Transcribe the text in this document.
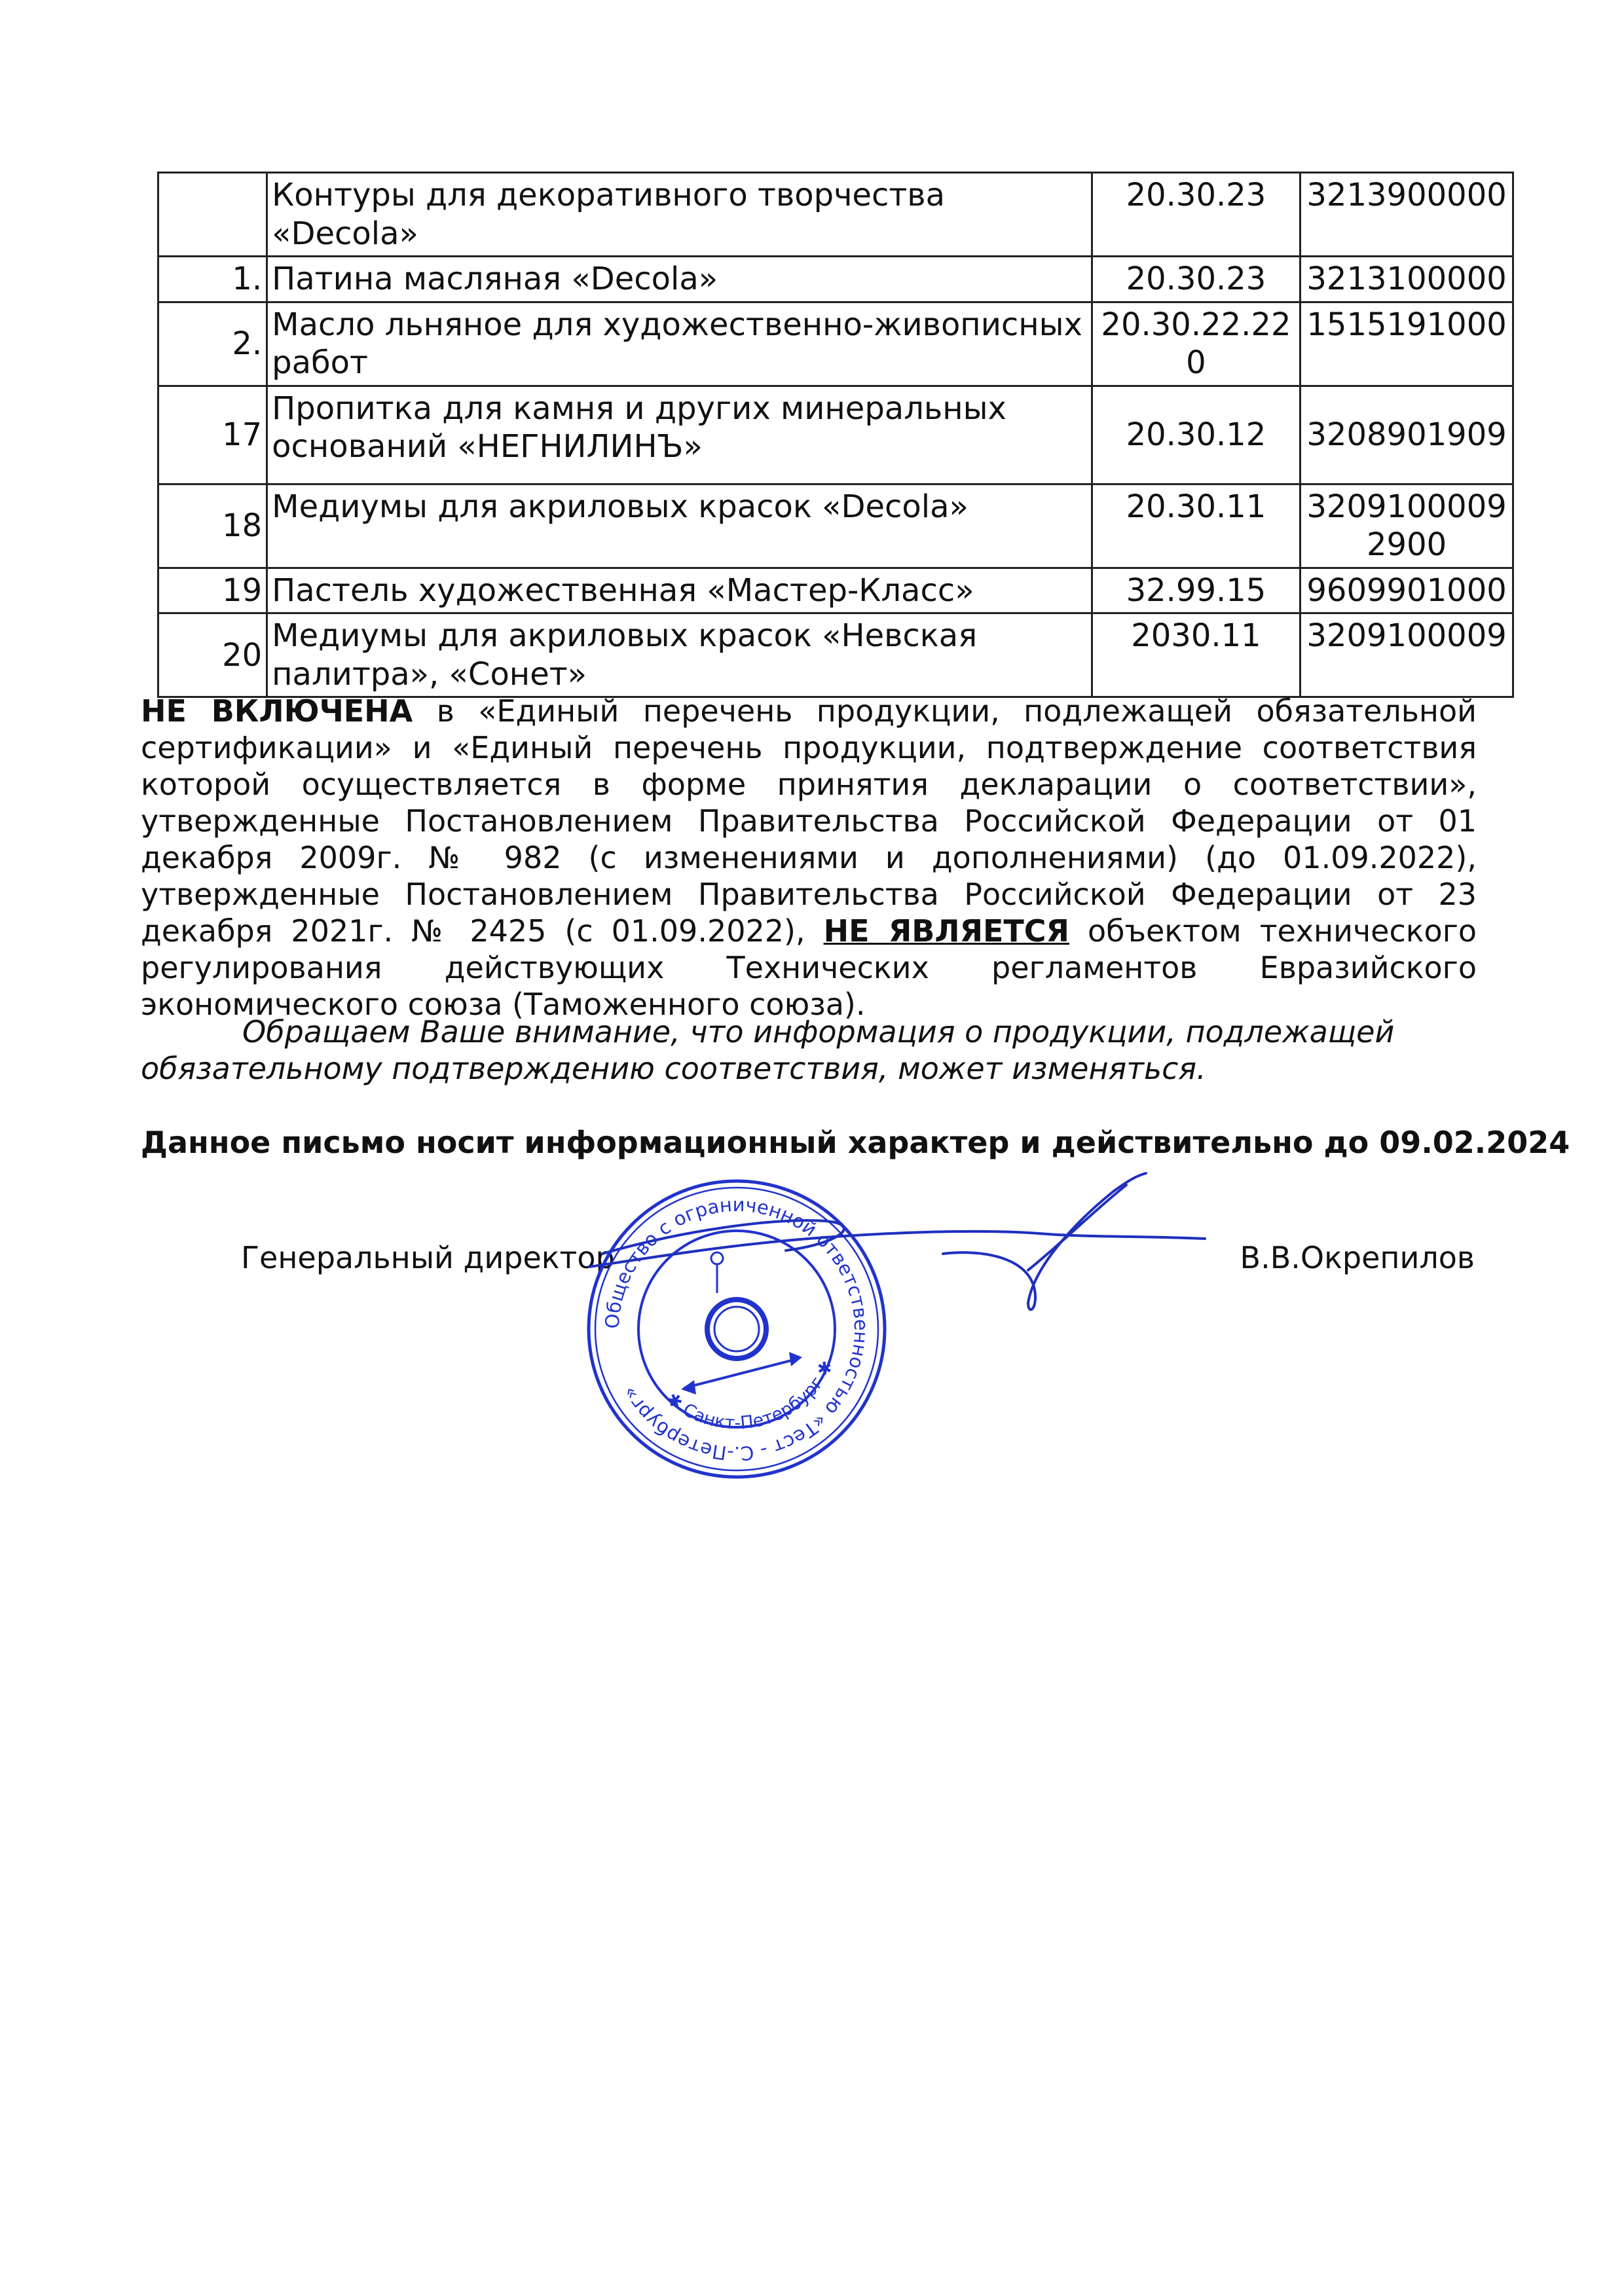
	Контуры для декоративного творчества «Decola»	20.30.23	3213900000
1.	Патина масляная «Decola»	20.30.23	3213100000
2.	Масло льняное для художественно-живописных работ	20.30.22.22 0	1515191000
17	Пропитка для камня и других минеральных оснований «НЕГНИЛИНЪ»	20.30.12	3208901909
18	Медиумы для акриловых красок «Decola»	20.30.11	3209100009 2900
19	Пастель художественная «Мастер-Класс»	32.99.15	9609901000
20	Медиумы для акриловых красок «Невская палитра», «Сонет»	2030.11	3209100009
НЕ ВКЛЮЧЕНА в «Единый перечень продукции, подлежащей обязательной сертификации» и «Единый перечень продукции, подтверждение соответствия которой осуществляется в форме принятия декларации о соответствии», утвержденные Постановлением Правительства Российской Федерации от 01 декабря 2009г. № 982 (с изменениями и дополнениями) (до 01.09.2022), утвержденные Постановлением Правительства Российской Федерации от 23 декабря 2021г. № 2425 (с 01.09.2022), НЕ ЯВЛЯЕТСЯ объектом технического регулирования действующих Технических регламентов Евразийского экономического союза (Таможенного союза).
Обращаем Ваше внимание, что информация о продукции, подлежащей обязательному подтверждению соответствия, может изменяться.
Данное письмо носит информационный характер и действительно до 09.02.2024
Генеральный директор	В.В.Окрепилов
Общество с ограниченной ответственностью «Тест - С.-Петербург»	✱ Санкт-Петербург ✱
